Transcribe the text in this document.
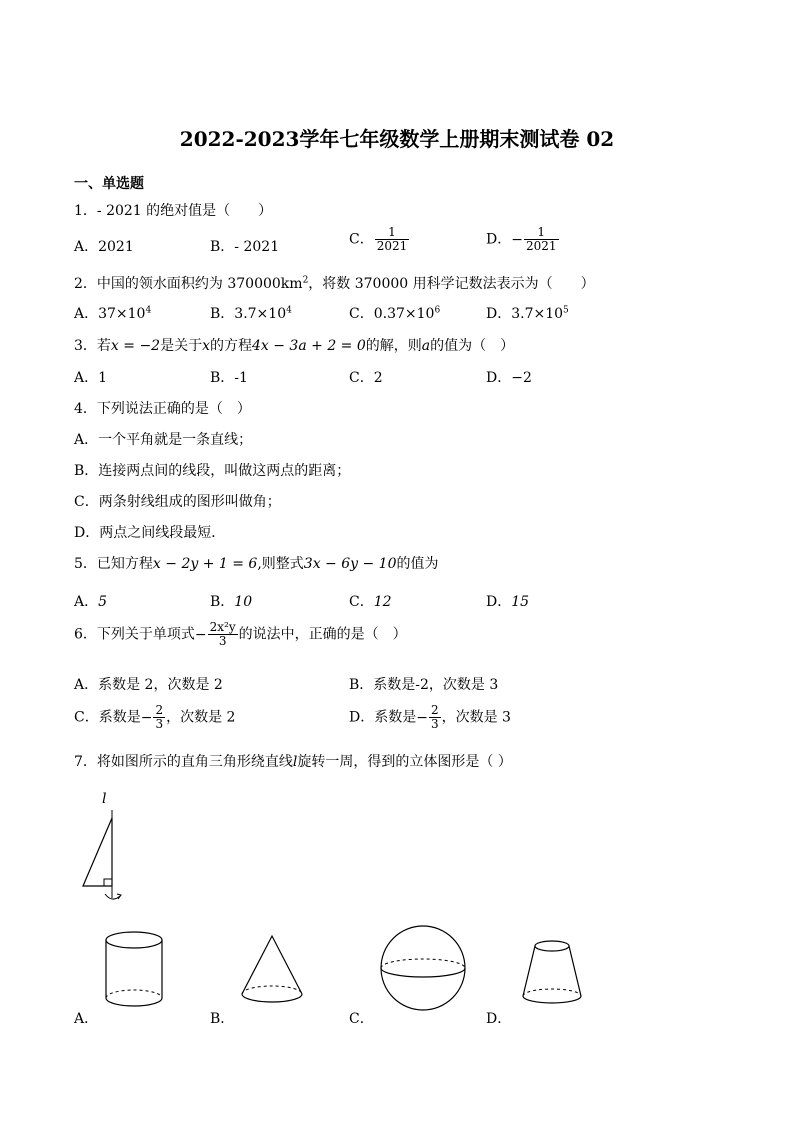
2022-2023学年七年级数学上册期末测试卷 02
一、单选题
1．- 2021 的绝对值是（　　）
A．2021	B．- 2021	C． $\frac{1}{2021}$	D．− $\frac{1}{2021}$
2．中国的领水面积约为 $370000km^2$，将数 370000 用科学记数法表示为（　　）
A．$37\times 10^4$	B．$3.7\times 10^4$	C．$0.37\times 10^6$	D．$3.7\times 10^5$
3．若x = −2是关于x的方程4x − 3a + 2 = 0的解，则a的值为（　）
A．1	B．-1	C．2	D．−2
4．下列说法正确的是（　）
A．一个平角就是一条直线；
B．连接两点间的线段，叫做这两点的距离；
C．两条射线组成的图形叫做角；
D．两点之间线段最短．
5．已知方程x − 2y + 1 = 6,则整式3x − 6y − 10的值为
A．5	B．10	C．12	D．15
6．下列关于单项式− $\frac{\text{2x²y}}{3}$ 的说法中，正确的是（　）
A．系数是 2，次数是 2	B．系数是-2，次数是 3
C．系数是− $\frac{2}{3}$ ，次数是 2	D．系数是− $\frac{2}{3}$ ，次数是 3
7．将如图所示的直角三角形绕直线l旋转一周，得到的立体图形是（ ）
l
A．	B．	C．	D．
